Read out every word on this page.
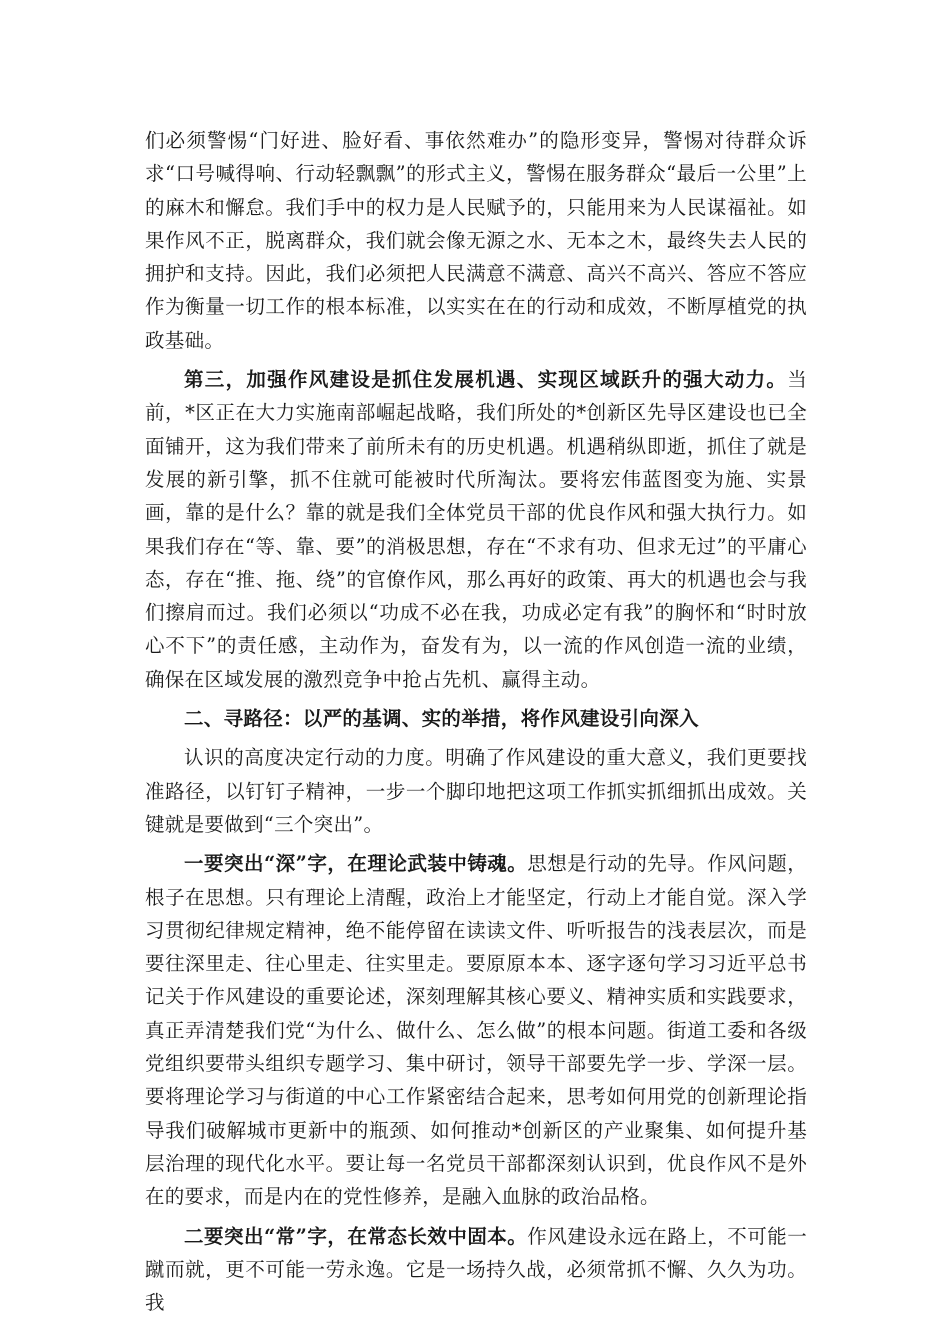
们必须警惕“门好进、脸好看、事依然难办”的隐形变异，警惕对待群众诉求“口号喊得响、行动轻飘飘”的形式主义，警惕在服务群众“最后一公里”上的麻木和懈怠。我们手中的权力是人民赋予的，只能用来为人民谋福祉。如果作风不正，脱离群众，我们就会像无源之水、无本之木，最终失去人民的拥护和支持。因此，我们必须把人民满意不满意、高兴不高兴、答应不答应作为衡量一切工作的根本标准，以实实在在的行动和成效，不断厚植党的执政基础。

第三，加强作风建设是抓住发展机遇、实现区域跃升的强大动力。当前，*区正在大力实施南部崛起战略，我们所处的*创新区先导区建设也已全面铺开，这为我们带来了前所未有的历史机遇。机遇稍纵即逝，抓住了就是发展的新引擎，抓不住就可能被时代所淘汰。要将宏伟蓝图变为施、实景画，靠的是什么？靠的就是我们全体党员干部的优良作风和强大执行力。如果我们存在“等、靠、要”的消极思想，存在“不求有功、但求无过”的平庸心态，存在“推、拖、绕”的官僚作风，那么再好的政策、再大的机遇也会与我们擦肩而过。我们必须以“功成不必在我，功成必定有我”的胸怀和“时时放心不下”的责任感，主动作为，奋发有为，以一流的作风创造一流的业绩，确保在区域发展的激烈竞争中抢占先机、赢得主动。

二、寻路径：以严的基调、实的举措，将作风建设引向深入

认识的高度决定行动的力度。明确了作风建设的重大意义，我们更要找准路径，以钉钉子精神，一步一个脚印地把这项工作抓实抓细抓出成效。关键就是要做到“三个突出”。

一要突出“深”字，在理论武装中铸魂。思想是行动的先导。作风问题，根子在思想。只有理论上清醒，政治上才能坚定，行动上才能自觉。深入学习贯彻纪律规定精神，绝不能停留在读读文件、听听报告的浅表层次，而是要往深里走、往心里走、往实里走。要原原本本、逐字逐句学习习近平总书记关于作风建设的重要论述，深刻理解其核心要义、精神实质和实践要求，真正弄清楚我们党“为什么、做什么、怎么做”的根本问题。街道工委和各级党组织要带头组织专题学习、集中研讨，领导干部要先学一步、学深一层。要将理论学习与街道的中心工作紧密结合起来，思考如何用党的创新理论指导我们破解城市更新中的瓶颈、如何推动*创新区的产业聚集、如何提升基层治理的现代化水平。要让每一名党员干部都深刻认识到，优良作风不是外在的要求，而是内在的党性修养，是融入血脉的政治品格。

二要突出“常”字，在常态长效中固本。作风建设永远在路上，不可能一蹴而就，更不可能一劳永逸。它是一场持久战，必须常抓不懈、久久为功。我
